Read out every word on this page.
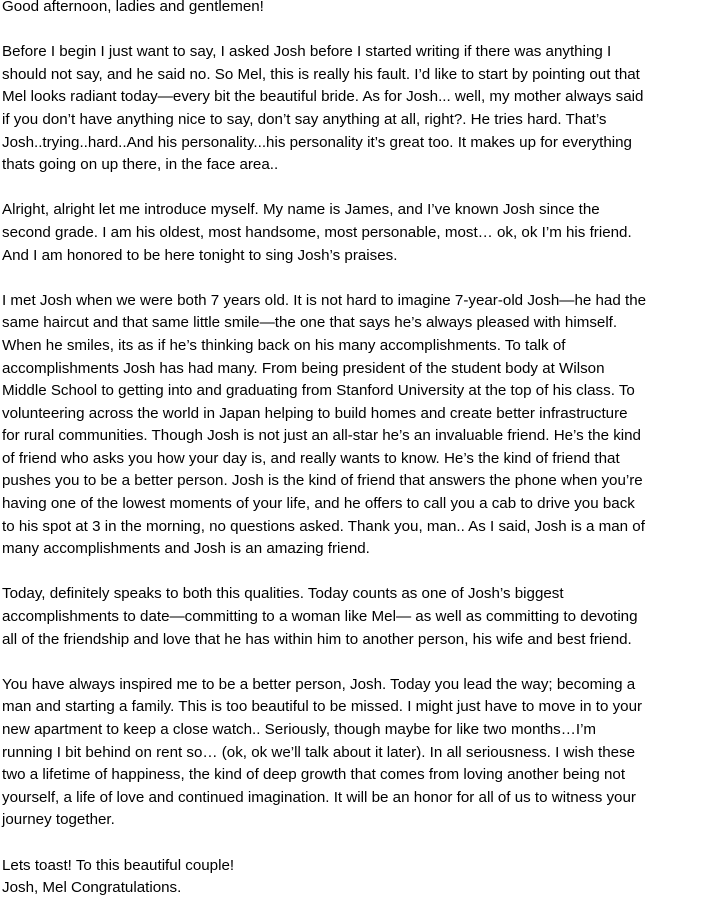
Good afternoon, ladies and gentlemen!

Before I begin I just want to say, I asked Josh before I started writing if there was anything I
should not say, and he said no. So Mel, this is really his fault. I’d like to start by pointing out that
Mel looks radiant today—every bit the beautiful bride. As for Josh... well, my mother always said
if you don’t have anything nice to say, don’t say anything at all, right?. He tries hard. That’s
Josh..trying..hard..And his personality...his personality it’s great too. It makes up for everything
thats going on up there, in the face area..

Alright, alright let me introduce myself. My name is James, and I’ve known Josh since the
second grade. I am his oldest, most handsome, most personable, most… ok, ok I’m his friend.
And I am honored to be here tonight to sing Josh’s praises.

I met Josh when we were both 7 years old. It is not hard to imagine 7-year-old Josh—he had the
same haircut and that same little smile—the one that says he’s always pleased with himself.
When he smiles, its as if he’s thinking back on his many accomplishments. To talk of
accomplishments Josh has had many. From being president of the student body at Wilson
Middle School to getting into and graduating from Stanford University at the top of his class. To
volunteering across the world in Japan helping to build homes and create better infrastructure
for rural communities. Though Josh is not just an all-star he’s an invaluable friend. He’s the kind
of friend who asks you how your day is, and really wants to know. He’s the kind of friend that
pushes you to be a better person. Josh is the kind of friend that answers the phone when you’re
having one of the lowest moments of your life, and he offers to call you a cab to drive you back
to his spot at 3 in the morning, no questions asked. Thank you, man.. As I said, Josh is a man of
many accomplishments and Josh is an amazing friend.

Today, definitely speaks to both this qualities. Today counts as one of Josh’s biggest
accomplishments to date—committing to a woman like Mel— as well as committing to devoting
all of the friendship and love that he has within him to another person, his wife and best friend.

You have always inspired me to be a better person, Josh. Today you lead the way; becoming a
man and starting a family. This is too beautiful to be missed. I might just have to move in to your
new apartment to keep a close watch.. Seriously, though maybe for like two months…I’m
running I bit behind on rent so… (ok, ok we’ll talk about it later). In all seriousness. I wish these
two a lifetime of happiness, the kind of deep growth that comes from loving another being not
yourself, a life of love and continued imagination. It will be an honor for all of us to witness your
journey together.

Lets toast! To this beautiful couple!
Josh, Mel Congratulations.
